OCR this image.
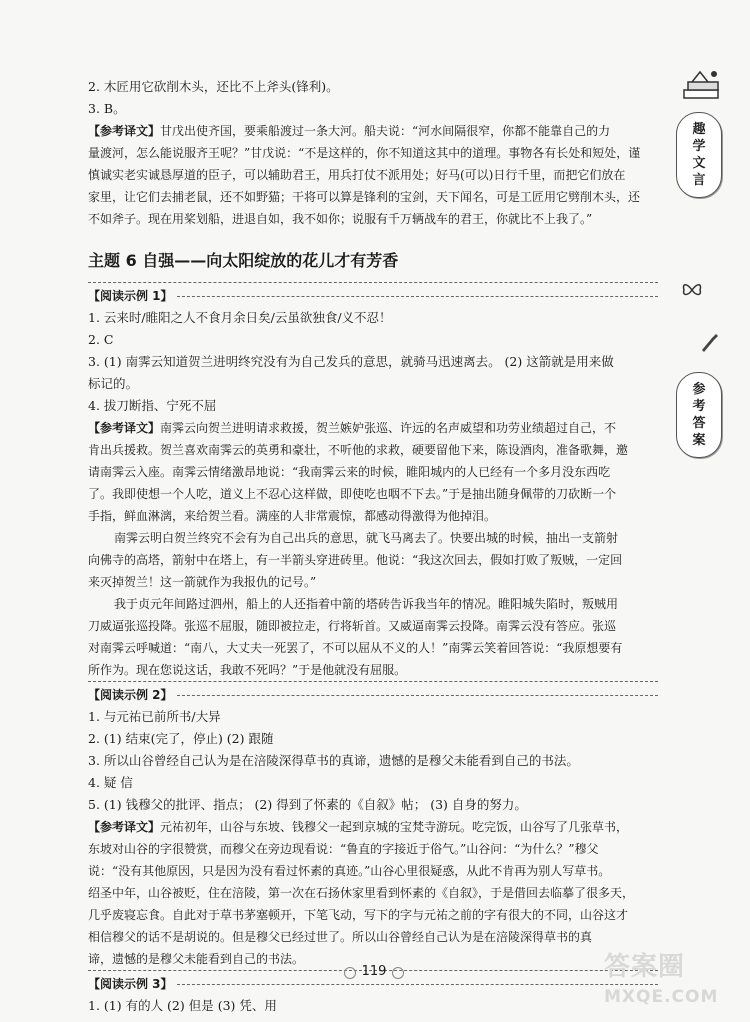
2. 木匠用它砍削木头，还比不上斧头(锋利)。
3. B。
【参考译文】甘戊出使齐国，要乘船渡过一条大河。船夫说：“河水间隔很窄，你都不能靠自己的力
量渡河，怎么能说服齐王呢？”甘戊说：“不是这样的，你不知道这其中的道理。事物各有长处和短处，谨
慎诚实老实诚恳厚道的臣子，可以辅助君王，用兵打仗不派用处；好马(可以)日行千里，而把它们放在
家里，让它们去捕老鼠，还不如野猫；干将可以算是锋利的宝剑，天下闻名，可是工匠用它劈削木头，还
不如斧子。现在用桨划船，进退自如，我不如你；说服有千万辆战车的君王，你就比不上我了。”
主题 6 自强——向太阳绽放的花儿才有芳香
【阅读示例 1】
1. 云来时/睢阳之人不食月余日矣/云虽欲独食/义不忍！
2. C
3. (1) 南霁云知道贺兰进明终究没有为自己发兵的意思，就骑马迅速离去。 (2) 这箭就是用来做
标记的。
4. 拔刀断指、宁死不屈
【参考译文】南霁云向贺兰进明请求救援，贺兰嫉妒张巡、许远的名声威望和功劳业绩超过自己，不
肯出兵援救。贺兰喜欢南霁云的英勇和豪壮，不听他的求救，硬要留他下来，陈设酒肉，准备歌舞，邀
请南霁云入座。南霁云情绪激昂地说：“我南霁云来的时候，睢阳城内的人已经有一个多月没东西吃
了。我即使想一个人吃，道义上不忍心这样做，即使吃也咽不下去。”于是抽出随身佩带的刀砍断一个
手指，鲜血淋漓，来给贺兰看。满座的人非常震惊，都感动得激得为他掉泪。
南霁云明白贺兰终究不会有为自己出兵的意思，就飞马离去了。快要出城的时候，抽出一支箭射
向佛寺的高塔，箭射中在塔上，有一半箭头穿进砖里。他说：“我这次回去，假如打败了叛贼，一定回
来灭掉贺兰！这一箭就作为我报仇的记号。”
我于贞元年间路过泗州，船上的人还指着中箭的塔砖告诉我当年的情况。睢阳城失陷时，叛贼用
刀威逼张巡投降。张巡不屈服，随即被拉走，行将斩首。又威逼南霁云投降。南霁云没有答应。张巡
对南霁云呼喊道：“南八，大丈夫一死罢了，不可以屈从不义的人！”南霁云笑着回答说：“我原想要有
所作为。现在您说这话，我敢不死吗？”于是他就没有屈服。
【阅读示例 2】
1. 与元祐已前所书/大异
2. (1) 结束(完了，停止) (2) 跟随
3. 所以山谷曾经自己认为是在涪陵深得草书的真谛，遗憾的是穆父未能看到自己的书法。
4. 疑 信
5. (1) 钱穆父的批评、指点； (2) 得到了怀素的《自叙》帖； (3) 自身的努力。
【参考译文】元祐初年，山谷与东坡、钱穆父一起到京城的宝梵寺游玩。吃完饭，山谷写了几张草书，
东坡对山谷的字很赞赏，而穆父在旁边现看说：“鲁直的字接近于俗气。”山谷问：“为什么？”穆父
说：“没有其他原因，只是因为没有看过怀素的真迹。”山谷心里很疑惑，从此不肯再为别人写草书。
绍圣中年，山谷被贬，住在涪陵，第一次在石扬休家里看到怀素的《自叙》，于是借回去临摹了很多天，
几乎废寝忘食。自此对于草书茅塞顿开，下笔飞动，写下的字与元祐之前的字有很大的不同，山谷这才
相信穆父的话不是胡说的。但是穆父已经过世了。所以山谷曾经自己认为是在涪陵深得草书的真
谛，遗憾的是穆父未能看到自己的书法。
【阅读示例 3】
1. (1) 有的人 (2) 但是 (3) 凭、用
趣
学
文
言
参
考
答
案
119	答案圈
MXQE.COM
